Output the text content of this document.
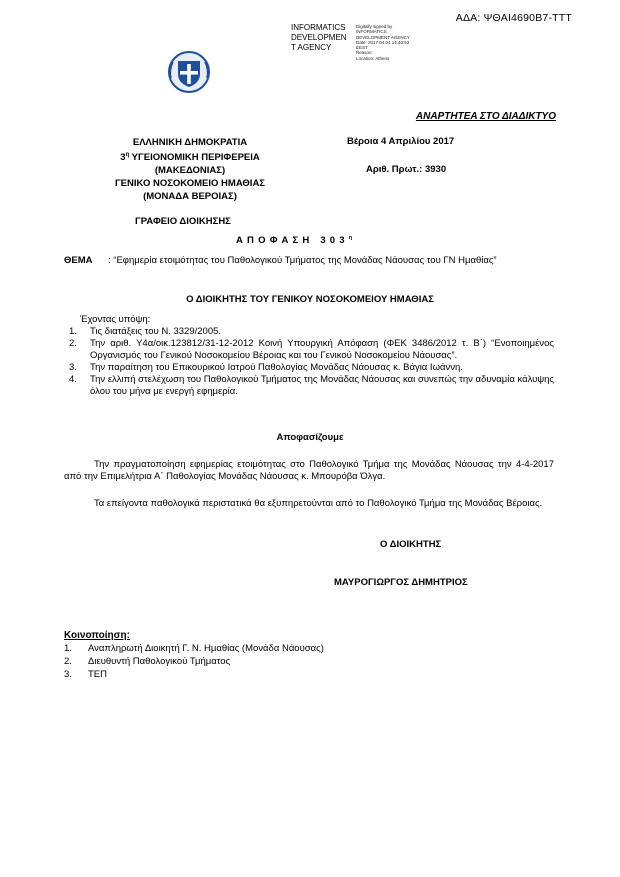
ΑΔΑ: ΨΘΑΙ4690Β7-ΤΤΤ
INFORMATICS DEVELOPMEN T AGENCY
Digitally signed by
INFORMATICS
DEVELOPMENT AGENCY
Date: 2017.04.04 14:40:53
EEST
Reason:
Location: Athens
ΑΝΑΡΤΗΤΕΑ ΣΤΟ ΔΙΑΔΙΚΤΥΟ
ΕΛΛΗΝΙΚΗ ΔΗΜΟΚΡΑΤΙΑ
$3^\eta$ ΥΓΕΙΟΝΟΜΙΚΗ ΠΕΡΙΦΕΡΕΙΑ
(ΜΑΚΕΔΟΝΙΑΣ)
ΓΕΝΙΚΟ ΝΟΣΟΚΟΜΕΙΟ ΗΜΑΘΙΑΣ
(ΜΟΝΑΔΑ ΒΕΡΟΙΑΣ)
Βέροια 4 Απριλίου 2017
Αριθ. Πρωτ.: 3930
ΓΡΑΦΕΙΟ ΔΙΟΙΚΗΣΗΣ
ΑΠΟΦΑΣΗ $303^\eta$
ΘΕΜΑ : “Εφημερία ετοιμότητας του Παθολογικού Τμήματος της Μονάδας Νάουσας του ΓΝ Ημαθίας”
Ο ΔΙΟΙΚΗΤΗΣ ΤΟΥ ΓΕΝΙΚΟΥ ΝΟΣΟΚΟΜΕΙΟΥ ΗΜΑΘΙΑΣ
Έχοντας υπόψη:
1. Τις διατάξεις του Ν. 3329/2005.
2. Την αριθ. Υ4α/οικ.123812/31-12-2012 Κοινή Υπουργική Απόφαση (ΦΕΚ 3486/2012 τ. Β΄) “Ενοποιημένος Οργανισμός του Γενικού Νοσοκομείου Βέροιας και του Γενικού Νοσοκομείου Νάουσας”.
3. Την παραίτηση του Επικουρικού Ιατρού Παθολογίας Μονάδας Νάουσας κ. Βάγια Ιωάννη.
4. Την ελλιπή στελέχωση του Παθολογικού Τμήματος της Μονάδας Νάουσας και συνεπώς την αδυναμία κάλυψης όλου του μήνα με ενεργή εφημερία.
Αποφασίζουμε
Την πραγματοποίηση εφημερίας ετοιμότητας στο Παθολογικό Τμήμα της Μονάδας Νάουσας την 4-4-2017 από την Επιμελήτρια Α΄ Παθολογίας Μονάδας Νάουσας κ. Μπουρόβα Όλγα.
Τα επείγοντα παθολογικά περιστατικά θα εξυπηρετούνται από το Παθολογικό Τμήμα της Μονάδας Βέροιας.
Ο ΔΙΟΙΚΗΤΗΣ
ΜΑΥΡΟΓΙΩΡΓΟΣ ΔΗΜΗΤΡΙΟΣ
Κοινοποίηση:
1. Αναπληρωτή Διοικητή Γ. Ν. Ημαθίας (Μονάδα Νάουσας)
2. Διευθυντή Παθολογικού Τμήματος
3. ΤΕΠ
